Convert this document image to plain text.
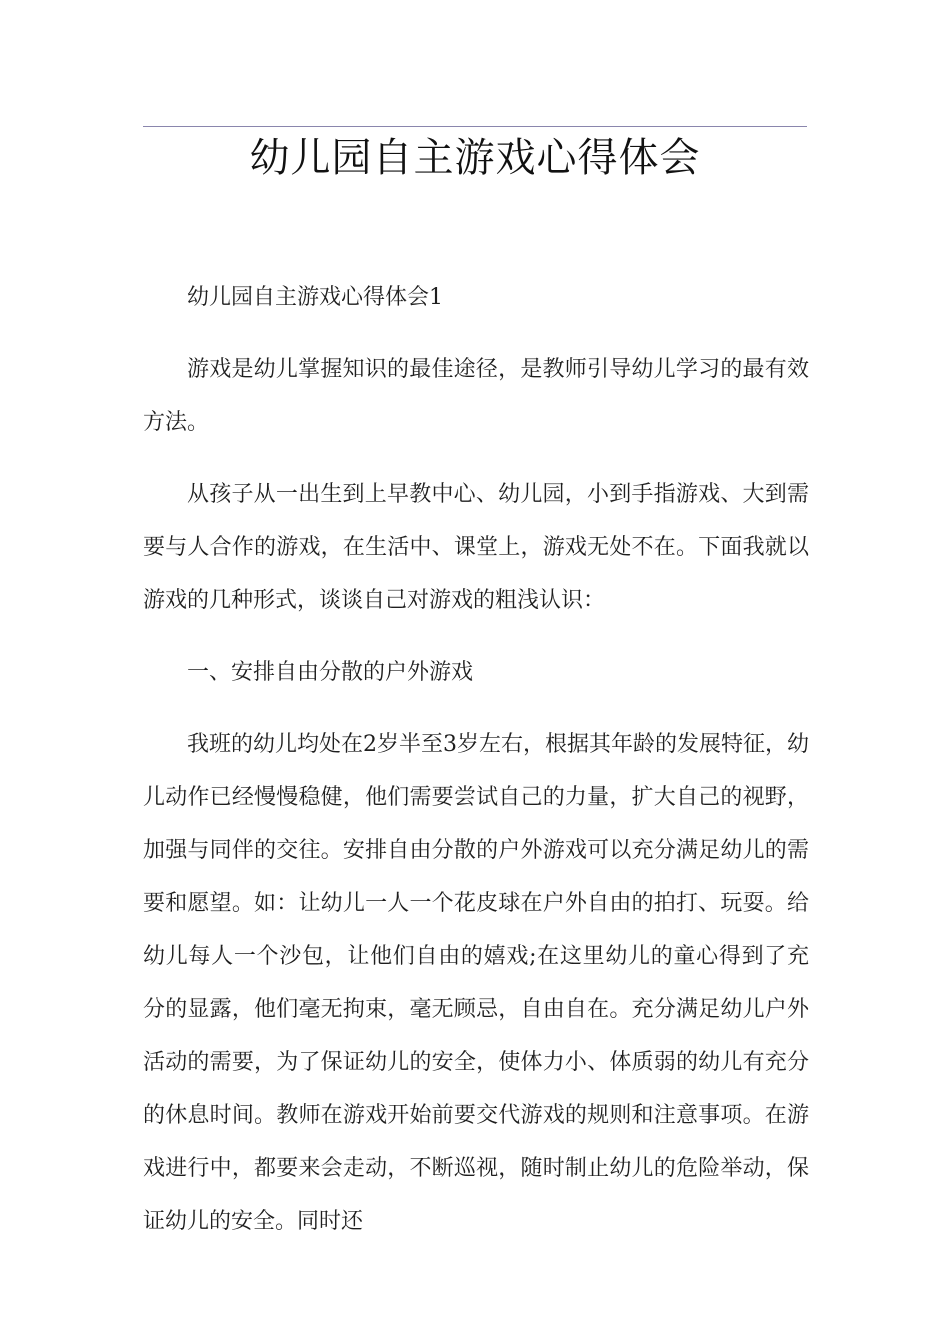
幼儿园自主游戏心得体会

幼儿园自主游戏心得体会1

游戏是幼儿掌握知识的最佳途径，是教师引导幼儿学习的最有效方法。

从孩子从一出生到上早教中心、幼儿园，小到手指游戏、大到需要与人合作的游戏，在生活中、课堂上，游戏无处不在。下面我就以游戏的几种形式，谈谈自己对游戏的粗浅认识：

一、安排自由分散的户外游戏

我班的幼儿均处在2岁半至3岁左右，根据其年龄的发展特征，幼儿动作已经慢慢稳健，他们需要尝试自己的力量，扩大自己的视野，加强与同伴的交往。安排自由分散的户外游戏可以充分满足幼儿的需要和愿望。如：让幼儿一人一个花皮球在户外自由的拍打、玩耍。给幼儿每人一个沙包，让他们自由的嬉戏;在这里幼儿的童心得到了充分的显露，他们毫无拘束，毫无顾忌，自由自在。充分满足幼儿户外活动的需要，为了保证幼儿的安全，使体力小、体质弱的幼儿有充分的休息时间。教师在游戏开始前要交代游戏的规则和注意事项。在游戏进行中，都要来会走动，不断巡视，随时制止幼儿的危险举动，保证幼儿的安全。同时还
